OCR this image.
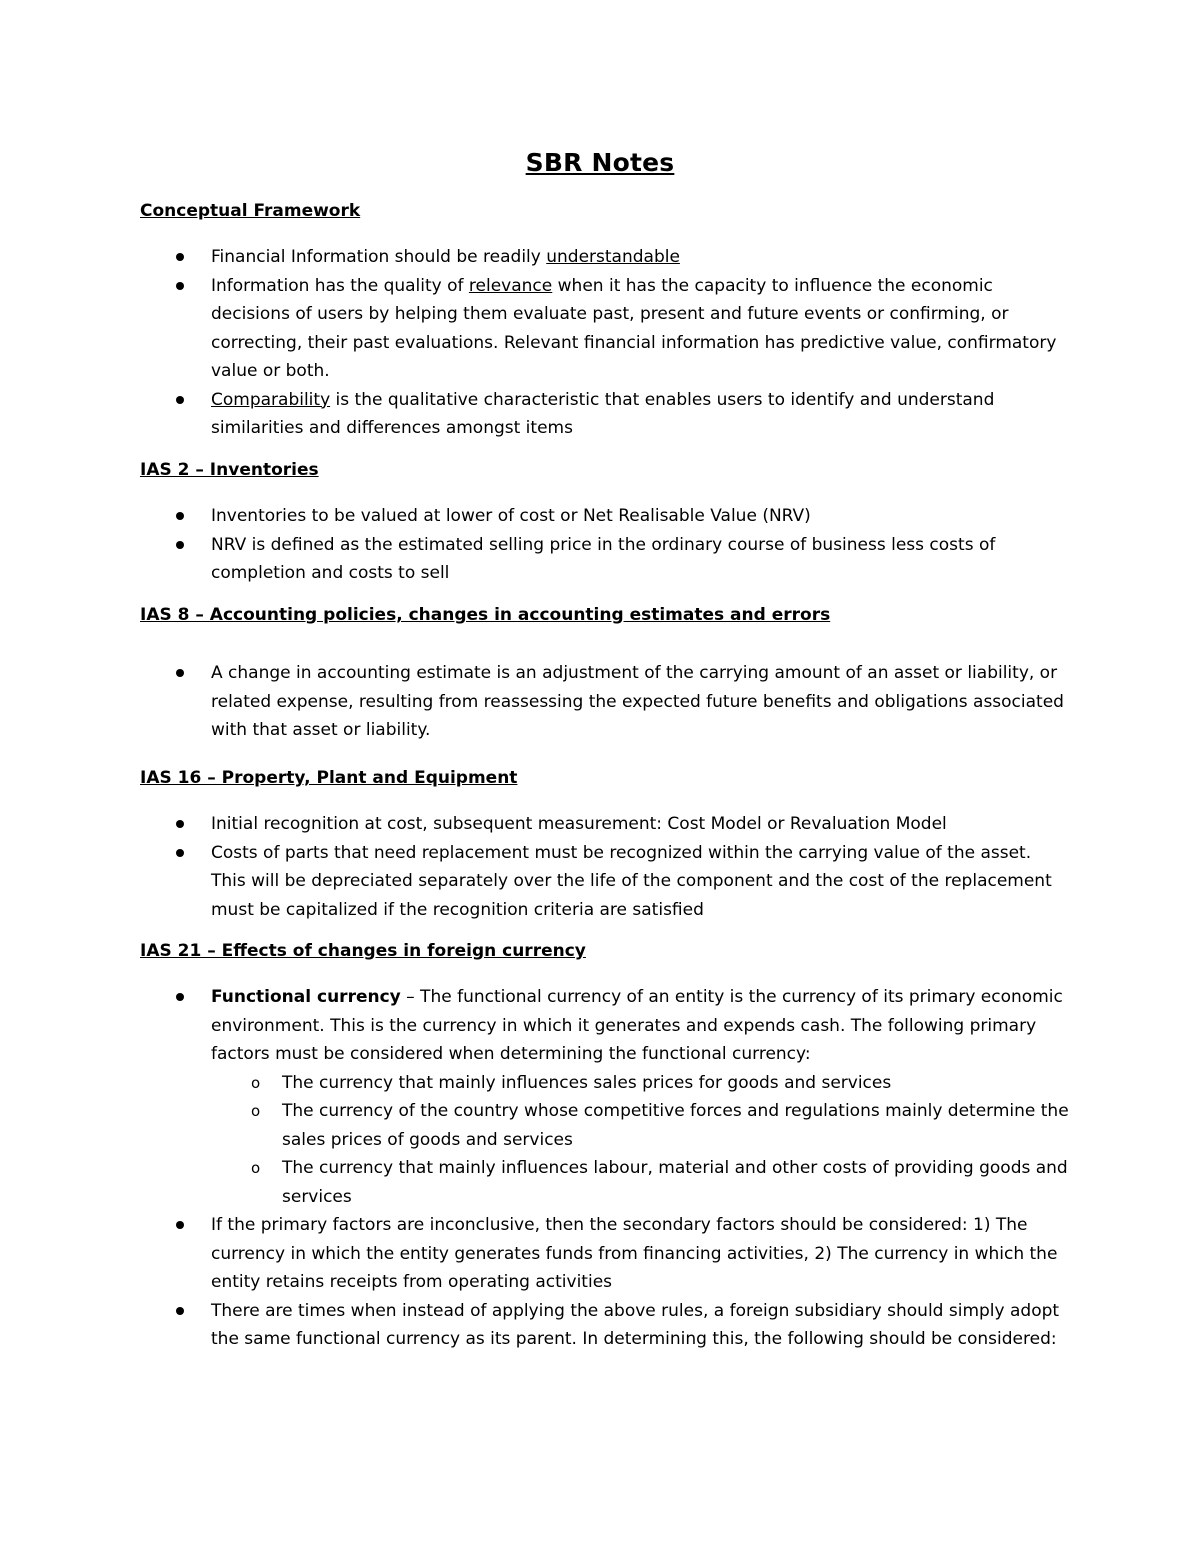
SBR Notes
Conceptual Framework
Financial Information should be readily understandable
Information has the quality of relevance when it has the capacity to influence the economic decisions of users by helping them evaluate past, present and future events or confirming, or correcting, their past evaluations. Relevant financial information has predictive value, confirmatory value or both.
Comparability is the qualitative characteristic that enables users to identify and understand similarities and differences amongst items
IAS 2 – Inventories
Inventories to be valued at lower of cost or Net Realisable Value (NRV)
NRV is defined as the estimated selling price in the ordinary course of business less costs of completion and costs to sell
IAS 8 – Accounting policies, changes in accounting estimates and errors
A change in accounting estimate is an adjustment of the carrying amount of an asset or liability, or related expense, resulting from reassessing the expected future benefits and obligations associated with that asset or liability.
IAS 16 – Property, Plant and Equipment
Initial recognition at cost, subsequent measurement: Cost Model or Revaluation Model
Costs of parts that need replacement must be recognized within the carrying value of the asset. This will be depreciated separately over the life of the component and the cost of the replacement must be capitalized if the recognition criteria are satisfied
IAS 21 – Effects of changes in foreign currency
Functional currency – The functional currency of an entity is the currency of its primary economic environment. This is the currency in which it generates and expends cash. The following primary factors must be considered when determining the functional currency:
o The currency that mainly influences sales prices for goods and services
o The currency of the country whose competitive forces and regulations mainly determine the sales prices of goods and services
o The currency that mainly influences labour, material and other costs of providing goods and services
If the primary factors are inconclusive, then the secondary factors should be considered: 1) The currency in which the entity generates funds from financing activities, 2) The currency in which the entity retains receipts from operating activities
There are times when instead of applying the above rules, a foreign subsidiary should simply adopt the same functional currency as its parent. In determining this, the following should be considered:
